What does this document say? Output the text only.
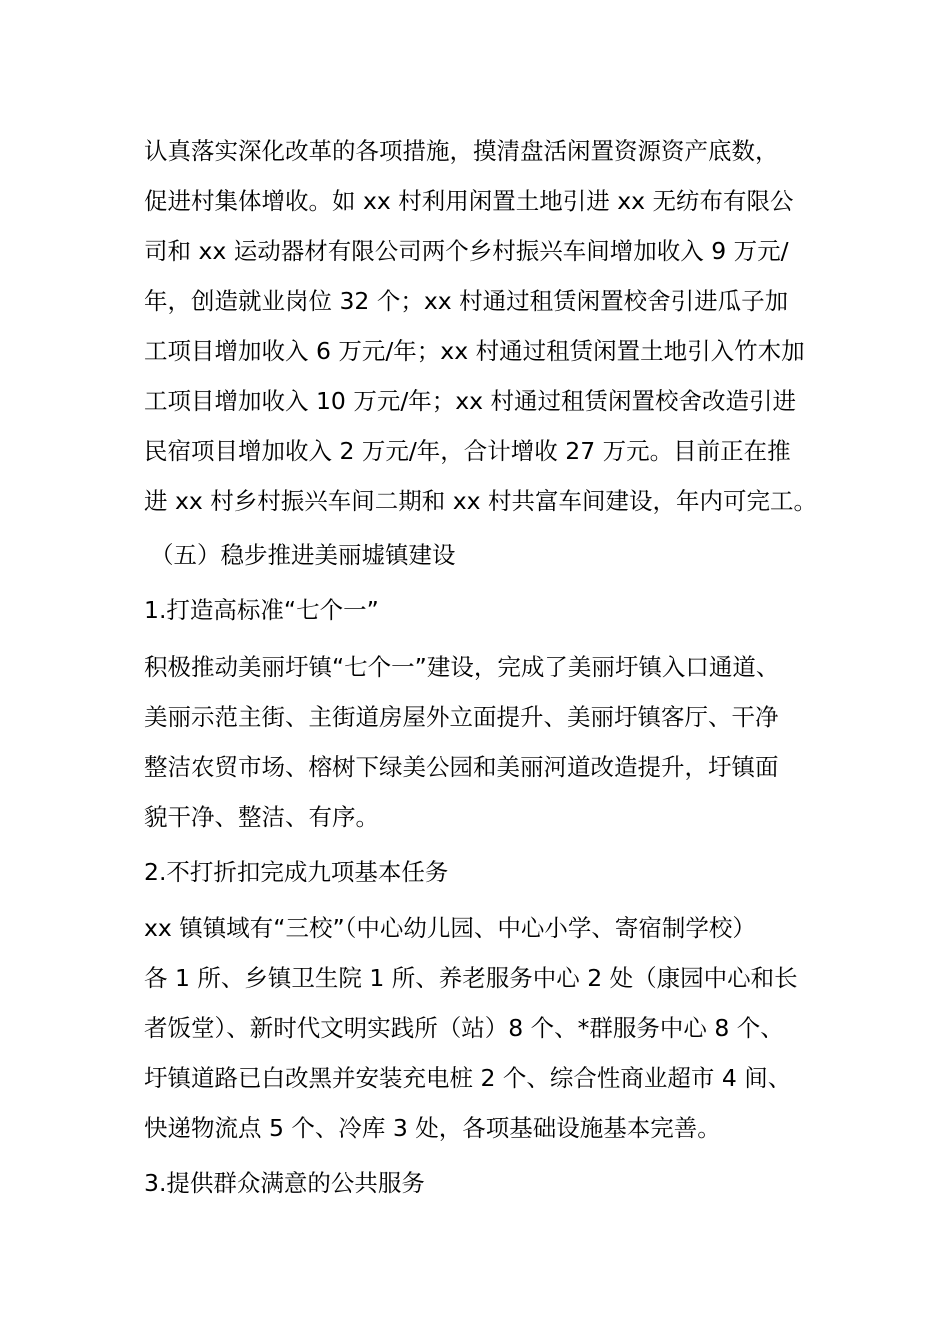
认真落实深化改革的各项措施，摸清盘活闲置资源资产底数，
促进村集体增收。如 xx 村利用闲置土地引进 xx 无纺布有限公
司和 xx 运动器材有限公司两个乡村振兴车间增加收入 9 万元/
年，创造就业岗位 32 个；xx 村通过租赁闲置校舍引进瓜子加
工项目增加收入 6 万元/年；xx 村通过租赁闲置土地引入竹木加
工项目增加收入 10 万元/年；xx 村通过租赁闲置校舍改造引进
民宿项目增加收入 2 万元/年，合计增收 27 万元。目前正在推
进 xx 村乡村振兴车间二期和 xx 村共富车间建设，年内可完工。
（五）稳步推进美丽墟镇建设
1.打造高标准“七个一”
积极推动美丽圩镇“七个一”建设，完成了美丽圩镇入口通道、
美丽示范主街、主街道房屋外立面提升、美丽圩镇客厅、干净
整洁农贸市场、榕树下绿美公园和美丽河道改造提升，圩镇面
貌干净、整洁、有序。
2.不打折扣完成九项基本任务
xx 镇镇域有“三校”（中心幼儿园、中心小学、寄宿制学校）
各 1 所、乡镇卫生院 1 所、养老服务中心 2 处（康园中心和长
者饭堂）、新时代文明实践所（站）8 个、*群服务中心 8 个、
圩镇道路已白改黑并安装充电桩 2 个、综合性商业超市 4 间、
快递物流点 5 个、冷库 3 处，各项基础设施基本完善。
3.提供群众满意的公共服务
